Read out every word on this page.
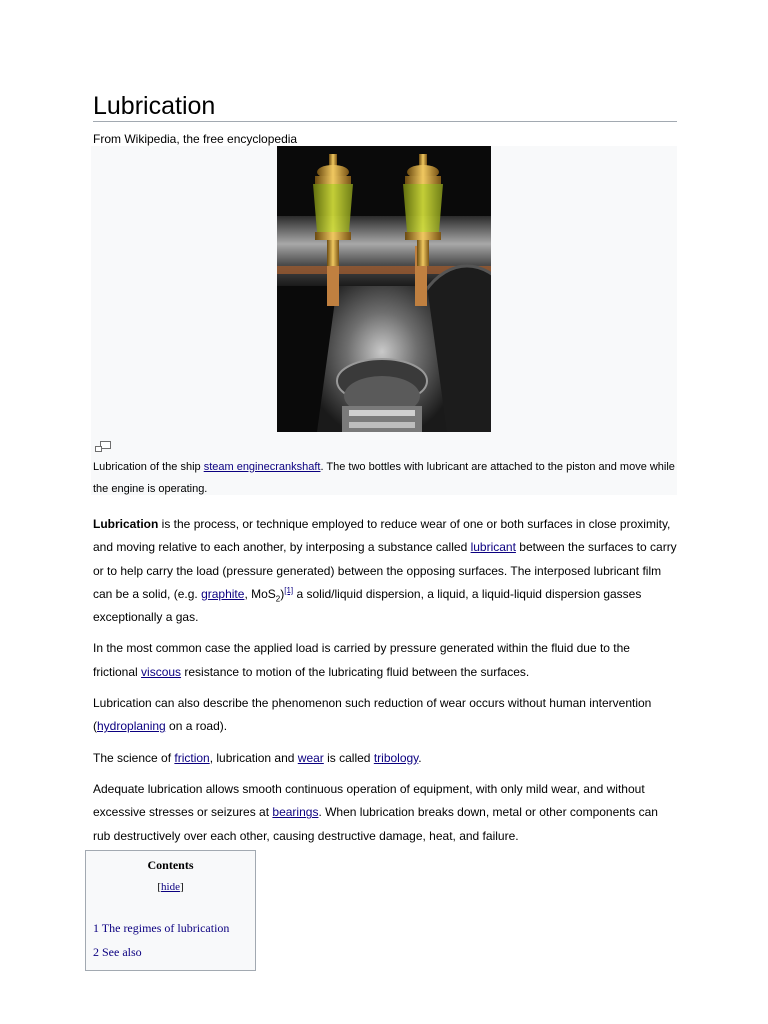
Lubrication
From Wikipedia, the free encyclopedia
Lubrication of the ship steam enginecrankshaft. The two bottles with lubricant are attached to the piston and move while the engine is operating.

Lubrication is the process, or technique employed to reduce wear of one or both surfaces in close proximity, and moving relative to each another, by interposing a substance called lubricant between the surfaces to carry or to help carry the load (pressure generated) between the opposing surfaces. The interposed lubricant film can be a solid, (e.g. graphite, MoS$_2$)[1] a solid/liquid dispersion, a liquid, a liquid-liquid dispersion gasses exceptionally a gas.

In the most common case the applied load is carried by pressure generated within the fluid due to the frictional viscous resistance to motion of the lubricating fluid between the surfaces.

Lubrication can also describe the phenomenon such reduction of wear occurs without human intervention (hydroplaning on a road).

The science of friction, lubrication and wear is called tribology.

Adequate lubrication allows smooth continuous operation of equipment, with only mild wear, and without excessive stresses or seizures at bearings. When lubrication breaks down, metal or other components can rub destructively over each other, causing destructive damage, heat, and failure.

Contents
[hide]
1 The regimes of lubrication
2 See also
